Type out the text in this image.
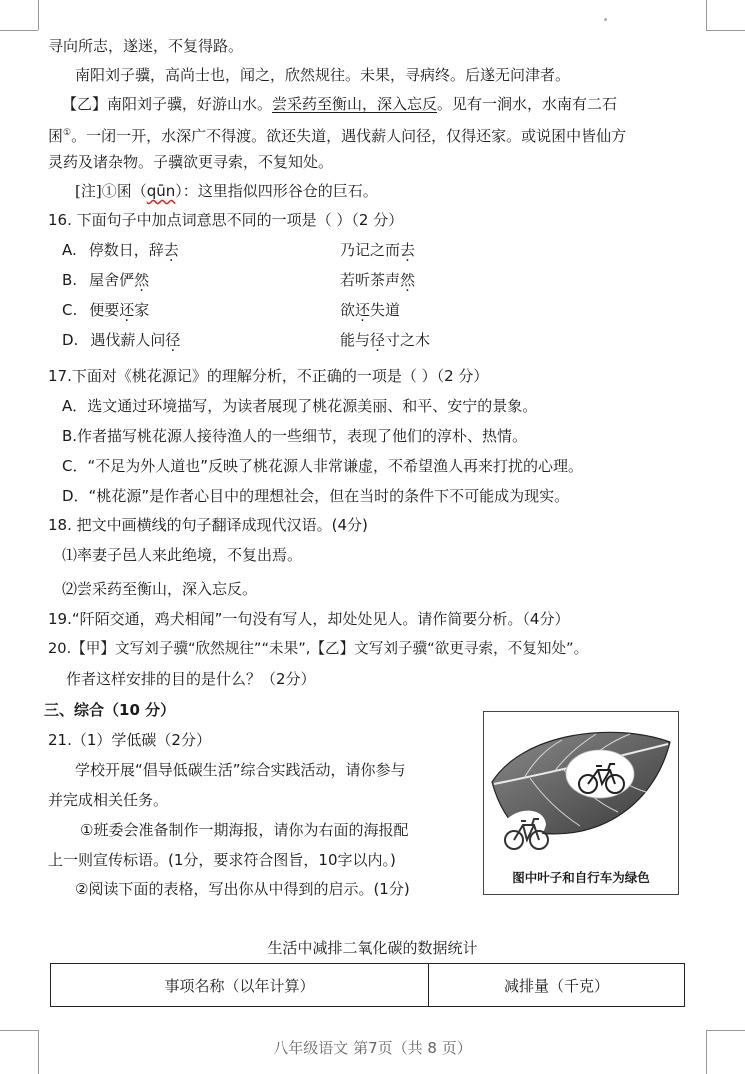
寻向所志，遂迷，不复得路。
南阳刘子骥，高尚士也，闻之，欣然规往。未果，寻病终。后遂无问津者。
【乙】南阳刘子骥，好游山水。尝采药至衡山，深入忘反。见有一涧水，水南有二石
囷①。一闭一开，水深广不得渡。欲还失道，遇伐薪人问径，仅得还家。或说囷中皆仙方
灵药及诸杂物。子骥欲更寻索，不复知处。
[注]①囷（qūn）：这里指似四形谷仓的巨石。
16. 下面句子中加点词意思不同的一项是（ ）（2 分）
A. 停数日，辞去	乃记之而去
B. 屋舍俨然	若听茶声然
C. 便要还家	欲还失道
D. 遇伐薪人问径	能与径寸之木
17.下面对《桃花源记》的理解分析，不正确的一项是（ ）（2 分）
A．选文通过环境描写，为读者展现了桃花源美丽、和平、安宁的景象。
B.作者描写桃花源人接待渔人的一些细节，表现了他们的淳朴、热情。
C．“不足为外人道也”反映了桃花源人非常谦虚，不希望渔人再来打扰的心理。
D．“桃花源”是作者心目中的理想社会，但在当时的条件下不可能成为现实。
18. 把文中画横线的句子翻译成现代汉语。(4分)
⑴率妻子邑人来此绝境，不复出焉。
⑵尝采药至衡山，深入忘反。
19.“阡陌交通，鸡犬相闻”一句没有写人，却处处见人。请作简要分析。（4分）
20.【甲】文写刘子骥“欣然规往”“未果”,【乙】文写刘子骥“欲更寻索，不复知处”。
作者这样安排的目的是什么？（2分）
三、综合（10 分）
21.（1）学低碳（2分）
学校开展“倡导低碳生活”综合实践活动，请你参与
并完成相关任务。
①班委会准备制作一期海报，请你为右面的海报配
上一则宣传标语。(1分，要求符合图旨，10字以内。)
②阅读下面的表格，写出你从中得到的启示。(1分)
图中叶子和自行车为绿色
生活中减排二氧化碳的数据统计
事项名称（以年计算）	减排量（千克）
八年级语文 第7页（共 8 页）
